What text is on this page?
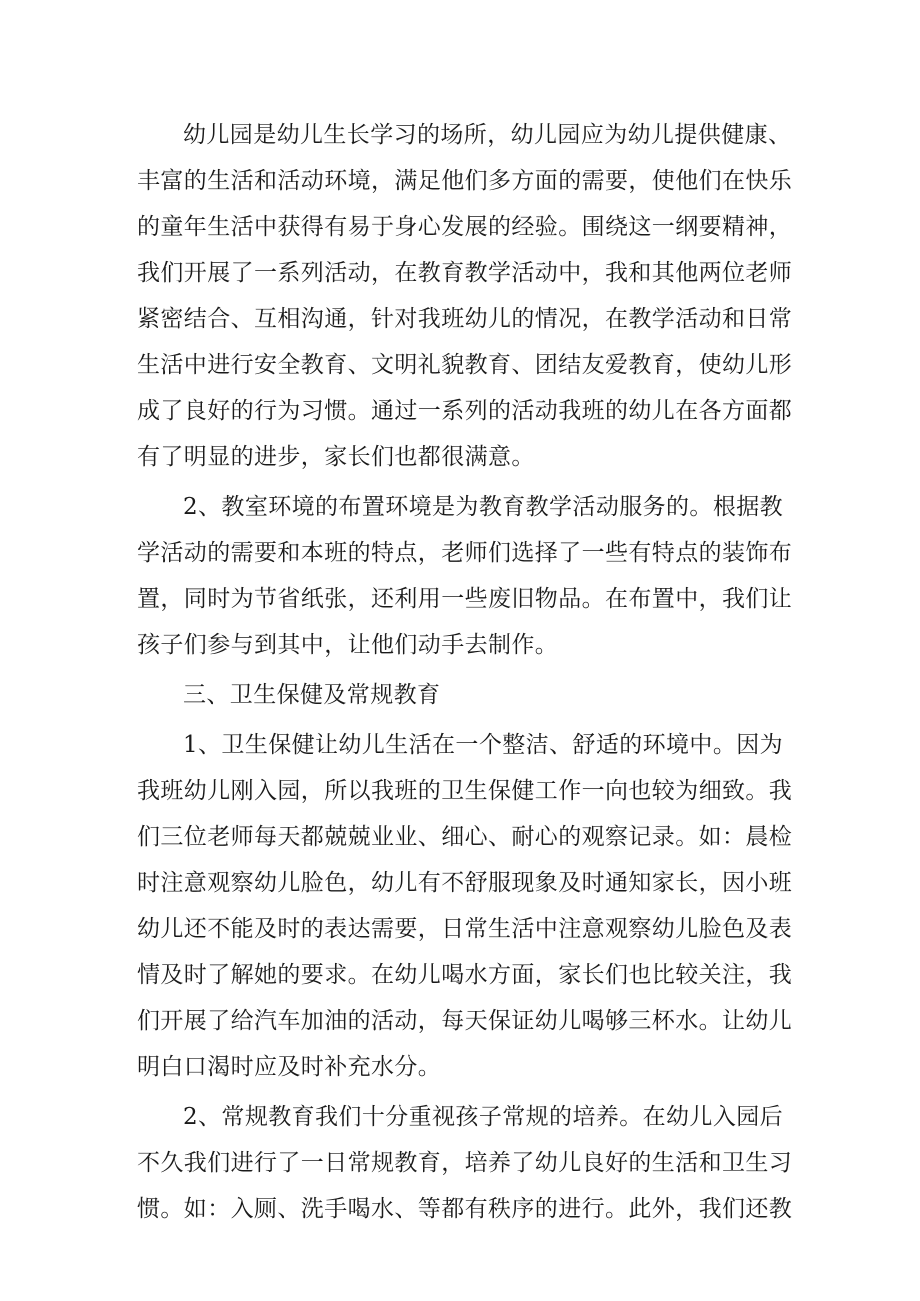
幼儿园是幼儿生长学习的场所，幼儿园应为幼儿提供健康、
丰富的生活和活动环境，满足他们多方面的需要，使他们在快乐
的童年生活中获得有易于身心发展的经验。围绕这一纲要精神，
我们开展了一系列活动，在教育教学活动中，我和其他两位老师
紧密结合、互相沟通，针对我班幼儿的情况，在教学活动和日常
生活中进行安全教育、文明礼貌教育、团结友爱教育，使幼儿形
成了良好的行为习惯。通过一系列的活动我班的幼儿在各方面都
有了明显的进步，家长们也都很满意。
2、教室环境的布置环境是为教育教学活动服务的。根据教
学活动的需要和本班的特点，老师们选择了一些有特点的装饰布
置，同时为节省纸张，还利用一些废旧物品。在布置中，我们让
孩子们参与到其中，让他们动手去制作。
三、卫生保健及常规教育
1、卫生保健让幼儿生活在一个整洁、舒适的环境中。因为
我班幼儿刚入园，所以我班的卫生保健工作一向也较为细致。我
们三位老师每天都兢兢业业、细心、耐心的观察记录。如：晨检
时注意观察幼儿脸色，幼儿有不舒服现象及时通知家长，因小班
幼儿还不能及时的表达需要，日常生活中注意观察幼儿脸色及表
情及时了解她的要求。在幼儿喝水方面，家长们也比较关注，我
们开展了给汽车加油的活动，每天保证幼儿喝够三杯水。让幼儿
明白口渴时应及时补充水分。
2、常规教育我们十分重视孩子常规的培养。在幼儿入园后
不久我们进行了一日常规教育，培养了幼儿良好的生活和卫生习
惯。如：入厕、洗手喝水、等都有秩序的进行。此外，我们还教
